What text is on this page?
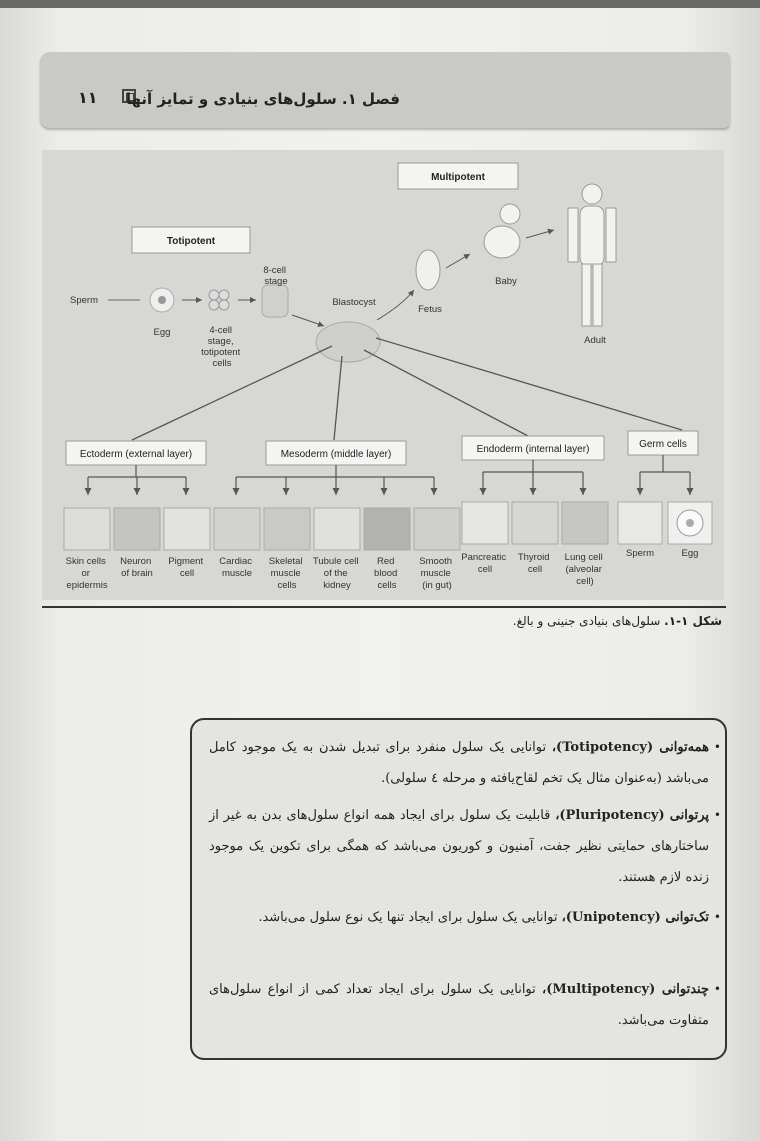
۱۱ فصل ۱. سلول‌های بنیادی و تمایز آنها
Totipotent
Multipotent
Sperm
Egg	4-cell stage, totipotent cells
8-cell stage
Blastocyst
Fetus
Baby
Adult
Ectoderm (external layer)	Mesoderm (middle layer)	Endoderm (internal layer)	Germ cells
Skin cells or epidermis
Neuron of brain
Pigment cell
Cardiac muscle
Skeletal muscle cells
Tubule cell of the kidney
Red blood cells
Smooth muscle (in gut)
Pancreatic cell
Thyroid cell
Lung cell (alveolar cell)
Sperm	Egg
شکل ۱-۱. سلول‌های بنیادی جنینی و بالغ.
•
همه‌توانی (Totipotency)، توانایی یک سلول منفرد برای تبدیل شدن به یک موجود کامل می‌باشد (به‌عنوان مثال یک تخم لقاح‌یافته و مرحله ٤ سلولی).
•
پرتوانی (Pluripotency)، قابلیت یک سلول برای ایجاد همه انواع سلول‌های بدن به غیر از ساختارهای حمایتی نظیر جفت، آمنیون و کوریون می‌باشد که همگی برای تکوین یک موجود زنده لازم هستند.
•
تک‌توانی (Unipotency)، توانایی یک سلول برای ایجاد تنها یک نوع سلول می‌باشد.
•
چندتوانی (Multipotency)، توانایی یک سلول برای ایجاد تعداد کمی از انواع سلول‌های متفاوت می‌باشد.
